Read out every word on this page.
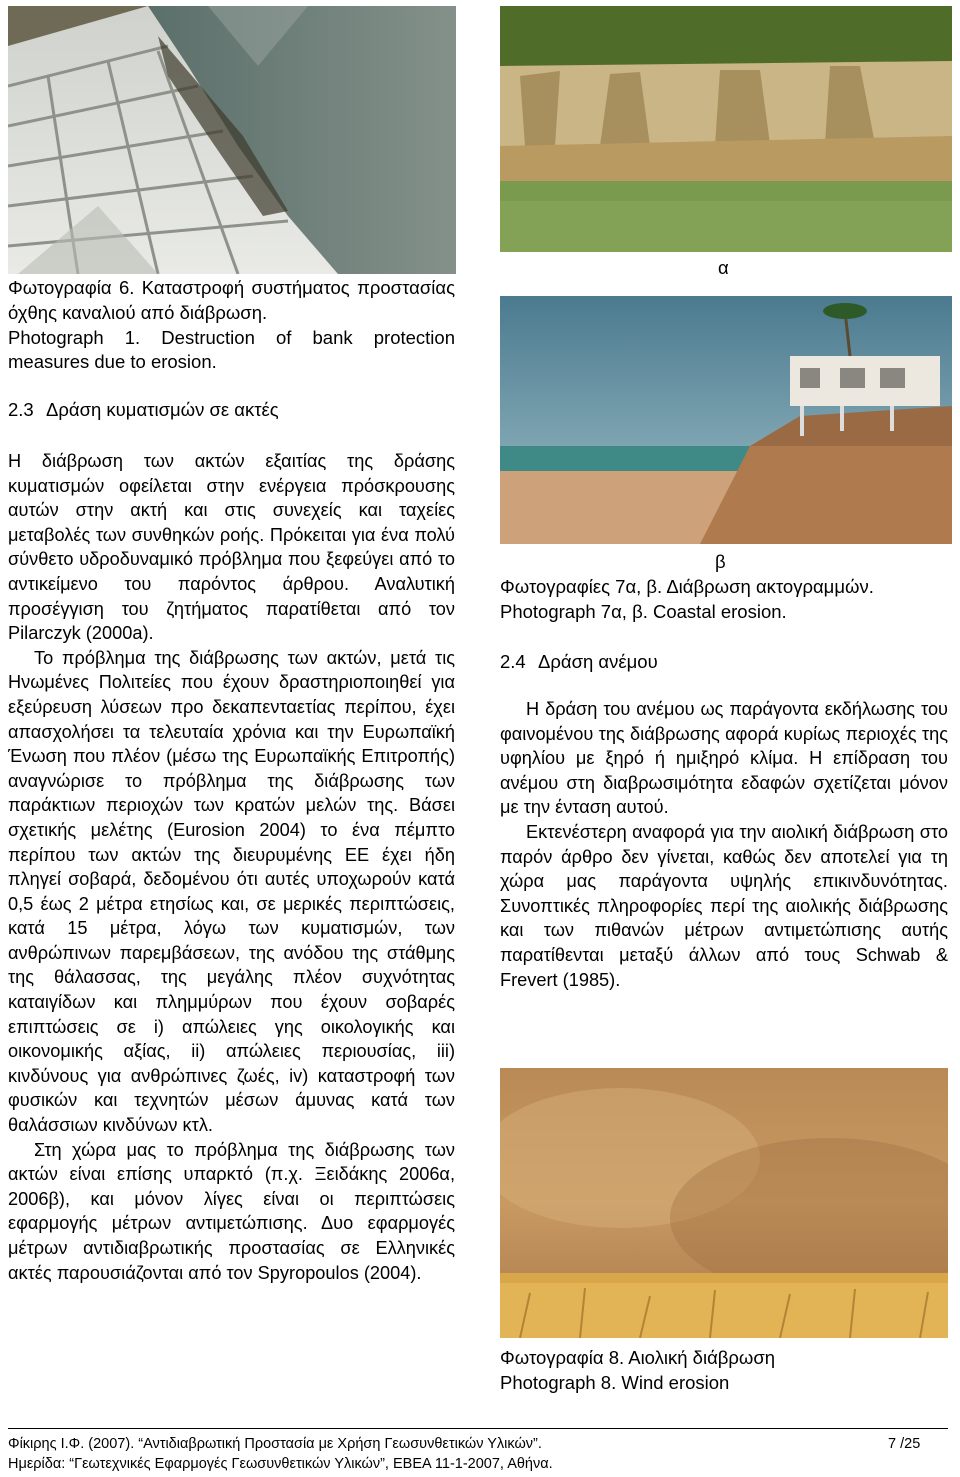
α

Φωτογραφία 6. Καταστροφή συστήματος προστασίας όχθης καναλιού από διάβρωση.

Photograph 1. Destruction of bank protection measures due to erosion.

2.3 Δράση κυματισμών σε ακτές

Η διάβρωση των ακτών εξαιτίας της δράσης κυματισμών οφείλεται στην ενέργεια πρόσκρουσης αυτών στην ακτή και στις συνεχείς και ταχείες μεταβολές των συνθηκών ροής. Πρόκειται για ένα πολύ σύνθετο υδροδυναμικό πρόβλημα που ξεφεύγει από το αντικείμενο του παρόντος άρθρου. Αναλυτική προσέγγιση του ζητήματος παρατίθεται από τον Pilarczyk (2000a).

Το πρόβλημα της διάβρωσης των ακτών, μετά τις Ηνωμένες Πολιτείες που έχουν δραστηριοποιηθεί για εξεύρευση λύσεων προ δεκαπενταετίας περίπου, έχει απασχολήσει τα τελευταία χρόνια και την Ευρωπαϊκή Ένωση που πλέον (μέσω της Ευρωπαϊκής Επιτροπής) αναγνώρισε το πρόβλημα της διάβρωσης των παράκτιων περιοχών των κρατών μελών της. Βάσει σχετικής μελέτης (Eurosion 2004) το ένα πέμπτο περίπου των ακτών της διευρυμένης ΕΕ έχει ήδη πληγεί σοβαρά, δεδομένου ότι αυτές υποχωρούν κατά 0,5 έως 2 μέτρα ετησίως και, σε μερικές περιπτώσεις, κατά 15 μέτρα, λόγω των κυματισμών, των ανθρώπινων παρεμβάσεων, της ανόδου της στάθμης της θάλασσας, της μεγάλης πλέον συχνότητας καταιγίδων και πλημμύρων που έχουν σοβαρές επιπτώσεις σε i) απώλειες γης οικολογικής και οικονομικής αξίας, ii) απώλειες περιουσίας, iii) κινδύνους για ανθρώπινες ζωές, iv) καταστροφή των φυσικών και τεχνητών μέσων άμυνας κατά των θαλάσσιων κινδύνων κτλ.

Στη χώρα μας το πρόβλημα της διάβρωσης των ακτών είναι επίσης υπαρκτό (π.χ. Ξειδάκης 2006α, 2006β), και μόνον λίγες είναι οι περιπτώσεις εφαρμογής μέτρων αντιμετώπισης. Δυο εφαρμογές μέτρων αντιδιαβρωτικής προστασίας σε Ελληνικές ακτές παρουσιάζονται από τον Spyropoulos (2004).

β

Φωτογραφίες 7α, β. Διάβρωση ακτογραμμών.

Photograph 7α, β. Coastal erosion.

2.4 Δράση ανέμου

Η δράση του ανέμου ως παράγοντα εκδήλωσης του φαινομένου της διάβρωσης αφορά κυρίως περιοχές της υφηλίου με ξηρό ή ημιξηρό κλίμα. Η επίδραση του ανέμου στη διαβρωσιμότητα εδαφών σχετίζεται μόνον με την ένταση αυτού.

Εκτενέστερη αναφορά για την αιολική διάβρωση στο παρόν άρθρο δεν γίνεται, καθώς δεν αποτελεί για τη χώρα μας παράγοντα υψηλής επικινδυνότητας. Συνοπτικές πληροφορίες περί της αιολικής διάβρωσης και των πιθανών μέτρων αντιμετώπισης αυτής παρατίθενται μεταξύ άλλων από τους Schwab & Frevert (1985).

Φωτογραφία 8. Αιολική διάβρωση

Photograph 8. Wind erosion

Φίκιρης Ι.Φ. (2007). “Αντιδιαβρωτική Προστασία με Χρήση Γεωσυνθετικών Υλικών”.	7 /25
Ημερίδα: “Γεωτεχνικές Εφαρμογές Γεωσυνθετικών Υλικών”, ΕΒΕΑ 11-1-2007, Αθήνα.
